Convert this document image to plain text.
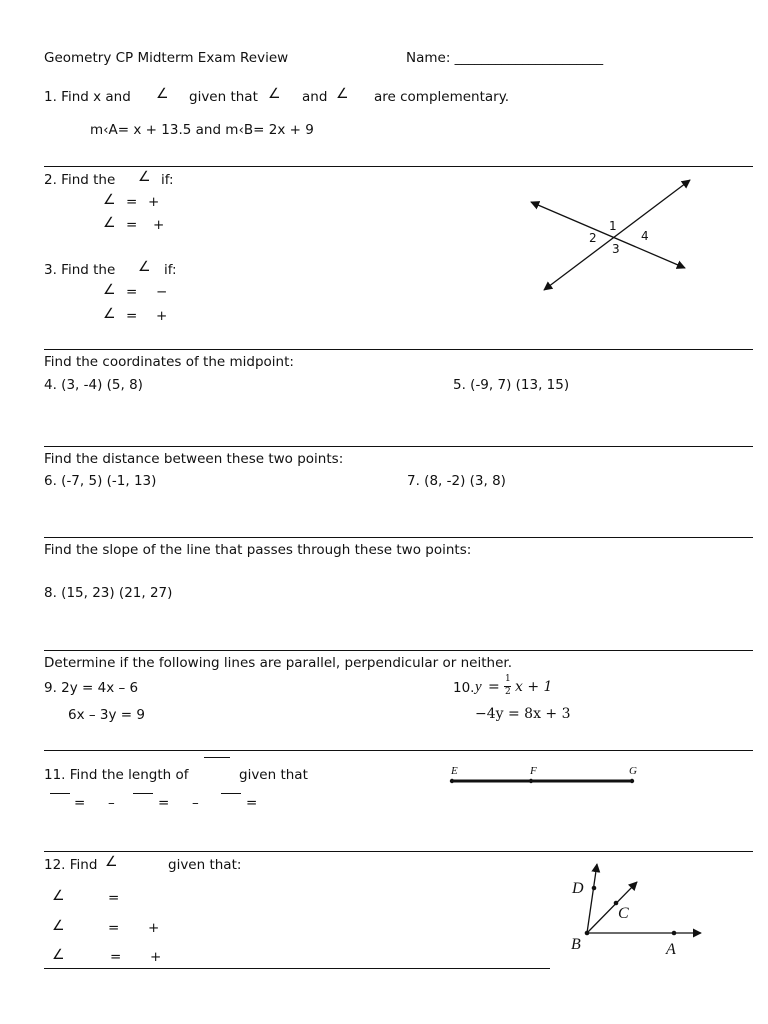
Geometry CP Midterm Exam Review	Name: ______________________
1. Find x and ∠ given that ∠ and ∠ are complementary.
m‹A= x + 13.5 and m‹B= 2x + 9
2. Find the ∠ if:
∠ = +
∠ = +
3. Find the ∠ if:
∠ = −
∠ = +
1
2
3
4
Find the coordinates of the midpoint:
4. (3, -4) (5, 8)	5. (-9, 7) (13, 15)
Find the distance between these two points:
6. (-7, 5) (-1, 13)	7. (8, -2) (3, 8)
Find the slope of the line that passes through these two points:
8. (15, 23) (21, 27)
Determine if the following lines are parallel, perpendicular or neither.
9. 2y = 4x – 6
6x – 3y = 9
10. y = 1
2 x + 1
−4y = 8x + 3
11. Find the length of	given that
= –	= –	=
E	F	G
12. Find ∠	given that:
∠	=
∠	= +
∠	= +
D
C
B	A
